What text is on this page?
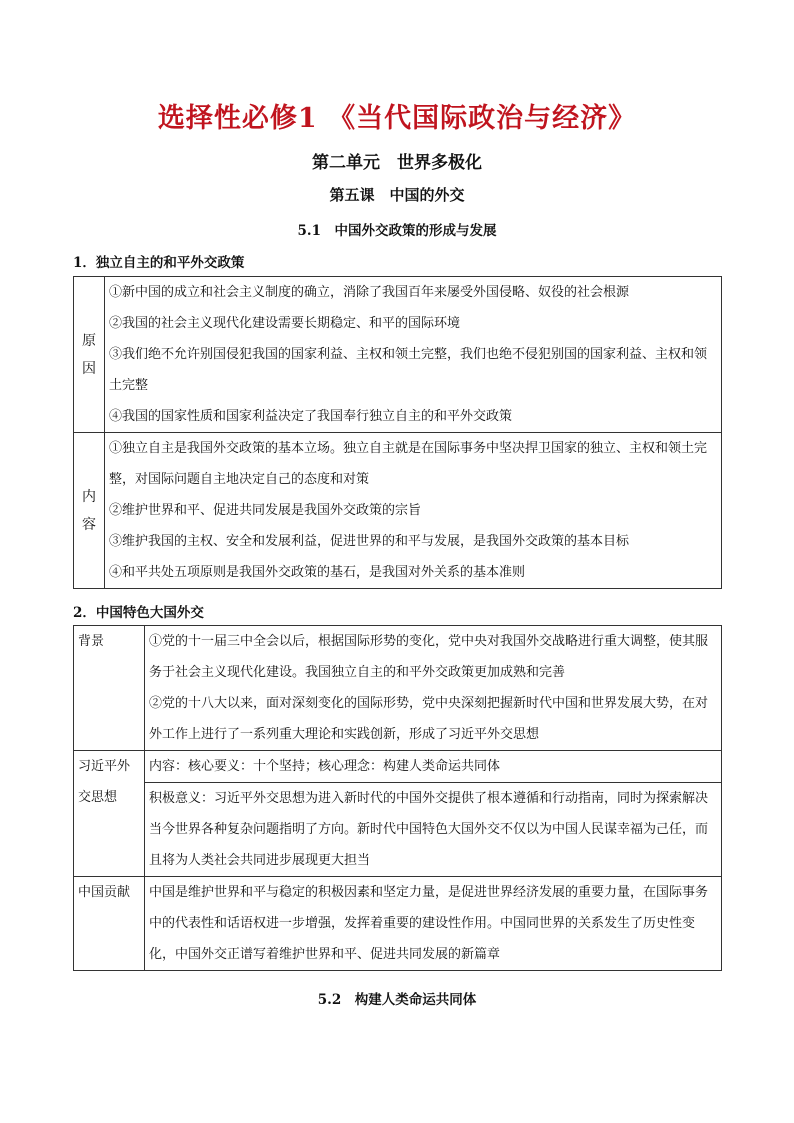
选择性必修1 《当代国际政治与经济》
第二单元　世界多极化
第五课　中国的外交
5.1　中国外交政策的形成与发展
1．独立自主的和平外交政策
原
因	①新中国的成立和社会主义制度的确立，消除了我国百年来屡受外国侵略、奴役的社会根源
②我国的社会主义现代化建设需要长期稳定、和平的国际环境
③我们绝不允许别国侵犯我国的国家利益、主权和领土完整，我们也绝不侵犯别国的国家利益、主权和领土完整
④我国的国家性质和国家利益决定了我国奉行独立自主的和平外交政策

内
容	①独立自主是我国外交政策的基本立场。独立自主就是在国际事务中坚决捍卫国家的独立、主权和领土完整，对国际问题自主地决定自己的态度和对策
②维护世界和平、促进共同发展是我国外交政策的宗旨
③维护我国的主权、安全和发展利益，促进世界的和平与发展，是我国外交政策的基本目标
④和平共处五项原则是我国外交政策的基石，是我国对外关系的基本准则
2．中国特色大国外交
背景	①党的十一届三中全会以后，根据国际形势的变化，党中央对我国外交战略进行重大调整，使其服务于社会主义现代化建设。我国独立自主的和平外交政策更加成熟和完善
②党的十八大以来，面对深刻变化的国际形势，党中央深刻把握新时代中国和世界发展大势，在对外工作上进行了一系列重大理论和实践创新，形成了习近平外交思想

习近平外交思想	内容：核心要义：十个坚持；核心理念：构建人类命运共同体

	积极意义：习近平外交思想为进入新时代的中国外交提供了根本遵循和行动指南，同时为探索解决当今世界各种复杂问题指明了方向。新时代中国特色大国外交不仅以为中国人民谋幸福为己任，而且将为人类社会共同进步展现更大担当

中国贡献	中国是维护世界和平与稳定的积极因素和坚定力量，是促进世界经济发展的重要力量，在国际事务中的代表性和话语权进一步增强，发挥着重要的建设性作用。中国同世界的关系发生了历史性变化，中国外交正谱写着维护世界和平、促进共同发展的新篇章
5.2　构建人类命运共同体
